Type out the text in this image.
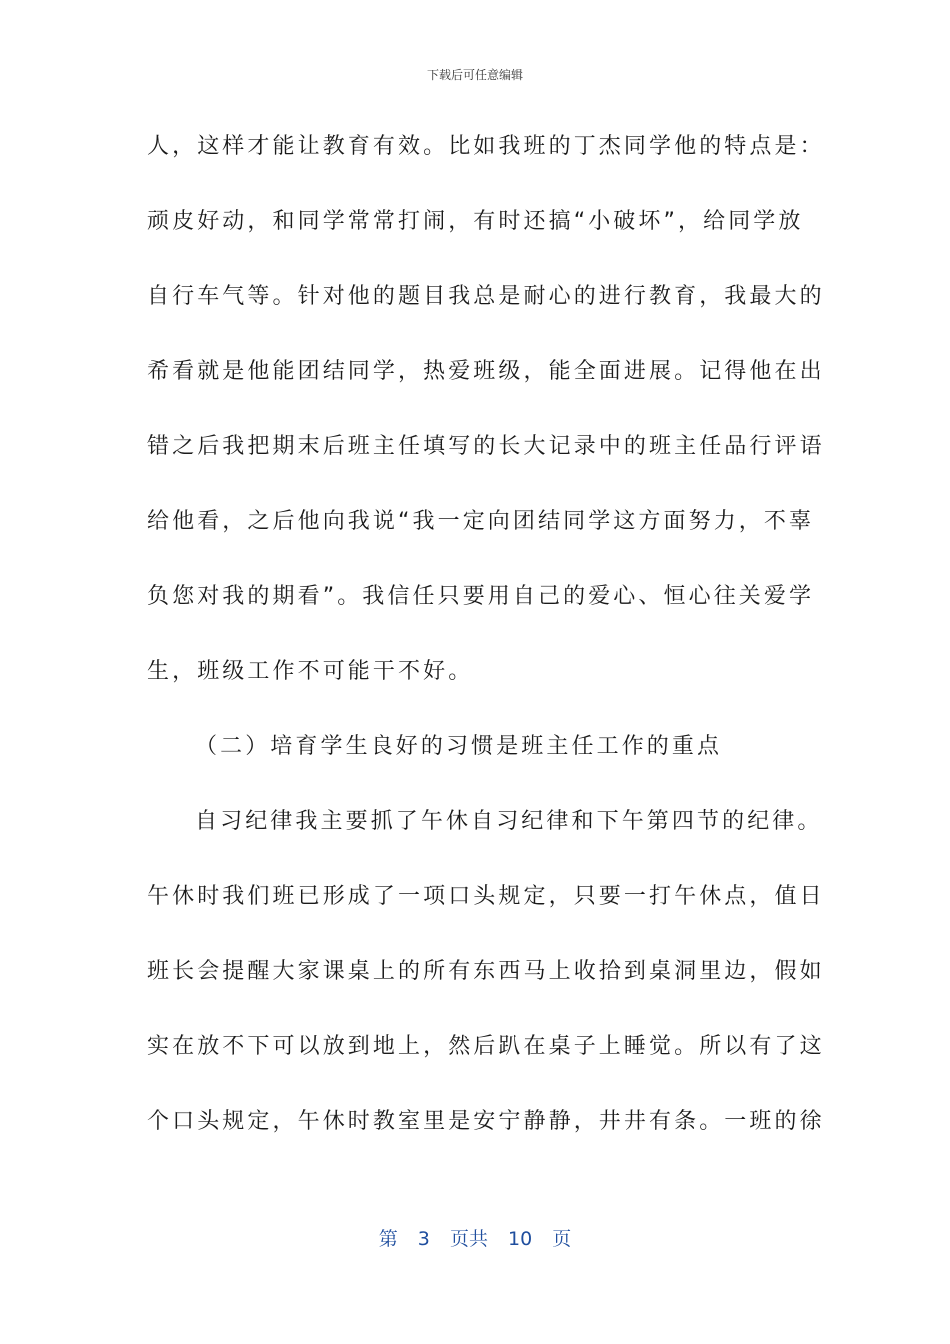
下载后可任意编辑
人，这样才能让教育有效。比如我班的丁杰同学他的特点是：
顽皮好动，和同学常常打闹，有时还搞“小破坏”，给同学放
自行车气等。针对他的题目我总是耐心的进行教育，我最大的
希看就是他能团结同学，热爱班级，能全面进展。记得他在出
错之后我把期末后班主任填写的长大记录中的班主任品行评语
给他看，之后他向我说“我一定向团结同学这方面努力，不辜
负您对我的期看”。我信任只要用自己的爱心、恒心往关爱学
生，班级工作不可能干不好。
（二）培育学生良好的习惯是班主任工作的重点
自习纪律我主要抓了午休自习纪律和下午第四节的纪律。
午休时我们班已形成了一项口头规定，只要一打午休点，值日
班长会提醒大家课桌上的所有东西马上收拾到桌洞里边，假如
实在放不下可以放到地上，然后趴在桌子上睡觉。所以有了这
个口头规定，午休时教室里是安宁静静，井井有条。一班的徐
第 3 页共 10 页
